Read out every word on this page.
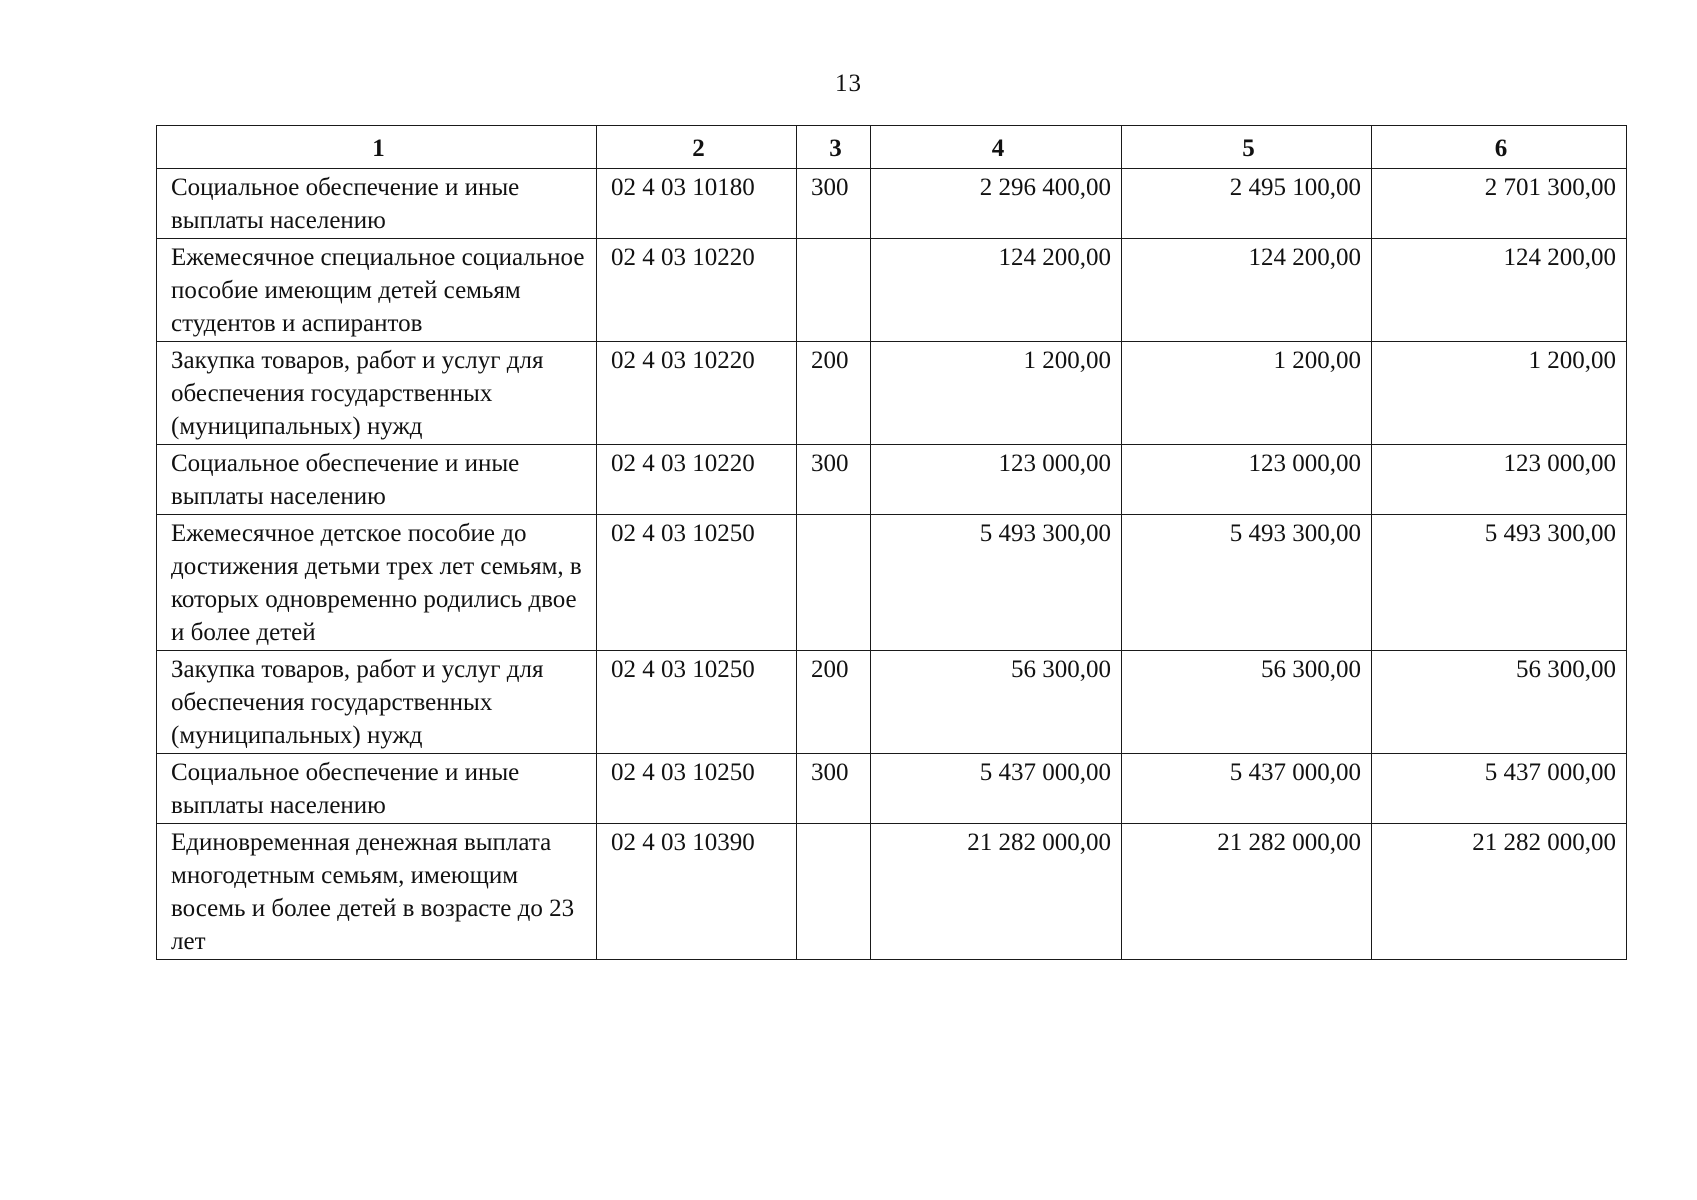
13
1	2	3	4	5	6
Социальное обеспечение и иные выплаты населению	02 4 03 10180	300	2 296 400,00	2 495 100,00	2 701 300,00
Ежемесячное специальное социальное пособие имеющим детей семьям студентов и аспирантов	02 4 03 10220		124 200,00	124 200,00	124 200,00
Закупка товаров, работ и услуг для обеспечения государственных (муниципальных) нужд	02 4 03 10220	200	1 200,00	1 200,00	1 200,00
Социальное обеспечение и иные выплаты населению	02 4 03 10220	300	123 000,00	123 000,00	123 000,00
Ежемесячное детское пособие до достижения детьми трех лет семьям, в которых одновременно родились двое и более детей	02 4 03 10250		5 493 300,00	5 493 300,00	5 493 300,00
Закупка товаров, работ и услуг для обеспечения государственных (муниципальных) нужд	02 4 03 10250	200	56 300,00	56 300,00	56 300,00
Социальное обеспечение и иные выплаты населению	02 4 03 10250	300	5 437 000,00	5 437 000,00	5 437 000,00
Единовременная денежная выплата многодетным семьям, имеющим восемь и более детей в возрасте до 23 лет	02 4 03 10390		21 282 000,00	21 282 000,00	21 282 000,00
